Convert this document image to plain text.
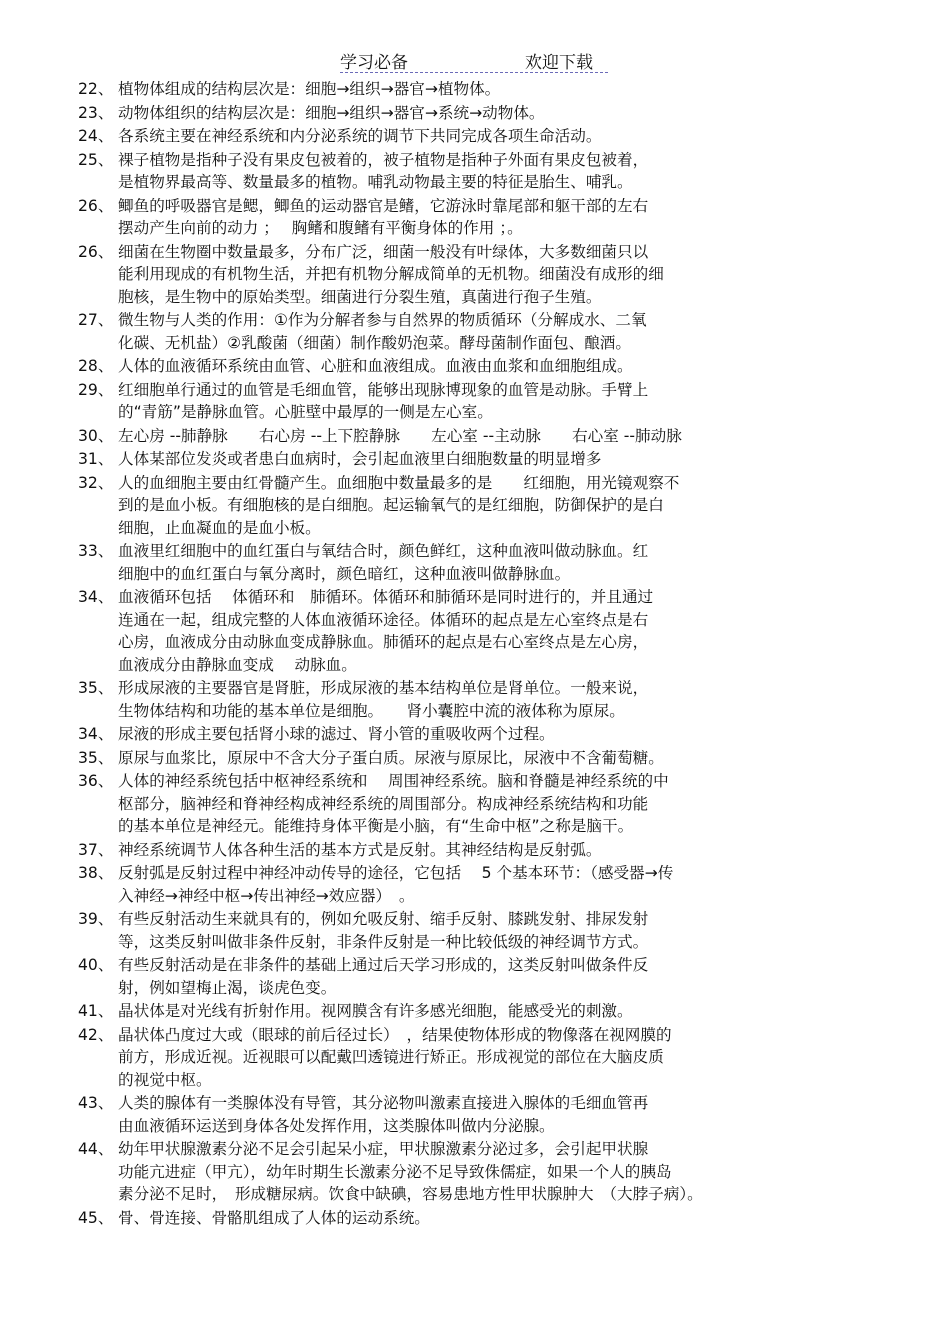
学习必备	欢迎下载
22、 植物体组成的结构层次是：细胞→组织→器官→植物体。
23、 动物体组织的结构层次是：细胞→组织→器官→系统→动物体。
24、 各系统主要在神经系统和内分泌系统的调节下共同完成各项生命活动。
25、 裸子植物是指种子没有果皮包被着的，被子植物是指种子外面有果皮包被着，
是植物界最高等、数量最多的植物。哺乳动物最主要的特征是胎生、哺乳。
26、 鲫鱼的呼吸器官是鳃，鲫鱼的运动器官是鳍，它游泳时靠尾部和躯干部的左右
摆动产生向前的动力 ；　 胸鳍和腹鳍有平衡身体的作用 ；。
26、 细菌在生物圈中数量最多，分布广泛，细菌一般没有叶绿体，大多数细菌只以
能利用现成的有机物生活，并把有机物分解成简单的无机物。细菌没有成形的细
胞核，是生物中的原始类型。细菌进行分裂生殖，真菌进行孢子生殖。
27、 微生物与人类的作用：①作为分解者参与自然界的物质循环（分解成水、二氧
化碳、无机盐）②乳酸菌（细菌）制作酸奶泡菜。酵母菌制作面包、酿酒。
28、 人体的血液循环系统由血管、心脏和血液组成。血液由血浆和血细胞组成。
29、 红细胞单行通过的血管是毛细血管，能够出现脉博现象的血管是动脉。手臂上
的“青筋”是静脉血管。心脏壁中最厚的一侧是左心室。
30、 左心房 --肺静脉　　右心房 --上下腔静脉　　左心室 --主动脉　　右心室 --肺动脉
31、 人体某部位发炎或者患白血病时，会引起血液里白细胞数量的明显增多
32、 人的血细胞主要由红骨髓产生。血细胞中数量最多的是　　红细胞，用光镜观察不
到的是血小板。有细胞核的是白细胞。起运输氧气的是红细胞，防御保护的是白
细胞，止血凝血的是血小板。
33、 血液里红细胞中的血红蛋白与氧结合时，颜色鲜红，这种血液叫做动脉血。红
细胞中的血红蛋白与氧分离时，颜色暗红，这种血液叫做静脉血。
34、 血液循环包括　 体循环和　肺循环。体循环和肺循环是同时进行的，并且通过
连通在一起，组成完整的人体血液循环途径。体循环的起点是左心室终点是右
心房，血液成分由动脉血变成静脉血。肺循环的起点是右心室终点是左心房，
血液成分由静脉血变成　 动脉血。
35、 形成尿液的主要器官是肾脏，形成尿液的基本结构单位是肾单位。一般来说，
生物体结构和功能的基本单位是细胞。　　肾小囊腔中流的液体称为原尿。
34、 尿液的形成主要包括肾小球的滤过、肾小管的重吸收两个过程。
35、 原尿与血浆比，原尿中不含大分子蛋白质。尿液与原尿比，尿液中不含葡萄糖。
36、 人体的神经系统包括中枢神经系统和　 周围神经系统。脑和脊髓是神经系统的中
枢部分，脑神经和脊神经构成神经系统的周围部分。构成神经系统结构和功能
的基本单位是神经元。能维持身体平衡是小脑，有“生命中枢”之称是脑干。
37、 神经系统调节人体各种生活的基本方式是反射。其神经结构是反射弧。
38、 反射弧是反射过程中神经冲动传导的途径，它包括　 5 个基本环节：（感受器→传
入神经→神经中枢→传出神经→效应器）　。
39、 有些反射活动生来就具有的，例如允吸反射、缩手反射、膝跳发射、排尿发射
等，这类反射叫做非条件反射，非条件反射是一种比较低级的神经调节方式。
40、 有些反射活动是在非条件的基础上通过后天学习形成的，这类反射叫做条件反
射，例如望梅止渴，谈虎色变。
41、 晶状体是对光线有折射作用。视网膜含有许多感光细胞，能感受光的刺激。
42、 晶状体凸度过大或（眼球的前后径过长）　，结果使物体形成的物像落在视网膜的
前方，形成近视。近视眼可以配戴凹透镜进行矫正。形成视觉的部位在大脑皮质
的视觉中枢。
43、 人类的腺体有一类腺体没有导管，其分泌物叫激素直接进入腺体的毛细血管再
由血液循环运送到身体各处发挥作用，这类腺体叫做内分泌腺。
44、 幼年甲状腺激素分泌不足会引起呆小症，甲状腺激素分泌过多，会引起甲状腺
功能亢进症（甲亢），幼年时期生长激素分泌不足导致侏儒症，如果一个人的胰岛
素分泌不足时，　形成糖尿病。饮食中缺碘，容易患地方性甲状腺肿大　（大脖子病）。
45、 骨、骨连接、骨骼肌组成了人体的运动系统。
